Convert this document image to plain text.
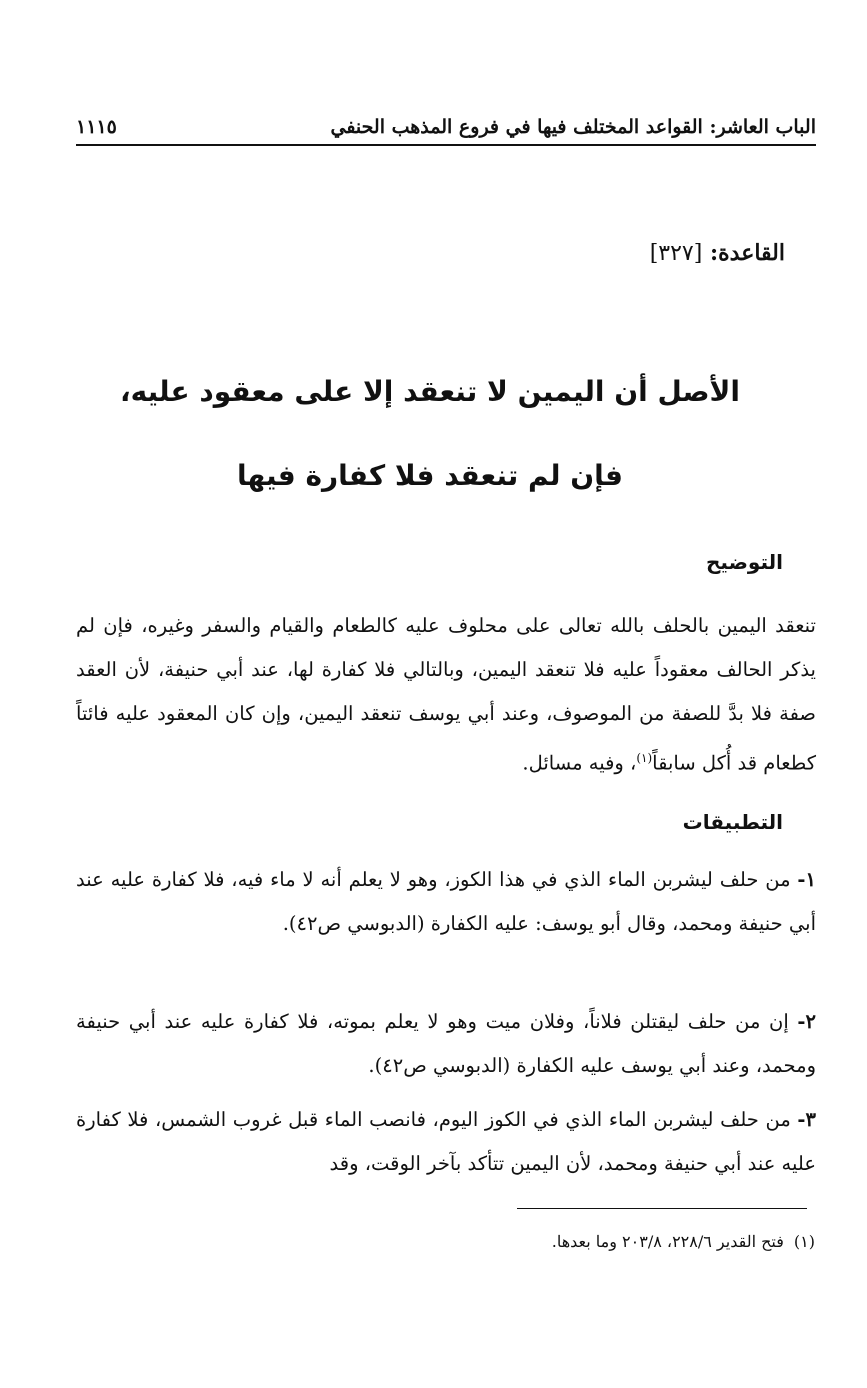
الباب العاشر: القواعد المختلف فيها في فروع المذهب الحنفي
١١١٥
القاعدة: [٣٢٧]
الأصل أن اليمين لا تنعقد إلا على معقود عليه،
فإن لم تنعقد فلا كفارة فيها
التوضيح
تنعقد اليمين بالحلف بالله تعالى على محلوف عليه كالطعام والقيام والسفر وغيره، فإن لم يذكر الحالف معقوداً عليه فلا تنعقد اليمين، وبالتالي فلا كفارة لها، عند أبي حنيفة، لأن العقد صفة فلا بدَّ للصفة من الموصوف، وعند أبي يوسف تنعقد اليمين، وإن كان المعقود عليه فائتاً كطعام قد أُكل سابقاً$^{(١)}$، وفيه مسائل.
التطبيقات

١- من حلف ليشربن الماء الذي في هذا الكوز، وهو لا يعلم أنه لا ماء فيه، فلا كفارة عليه عند أبي حنيفة ومحمد، وقال أبو يوسف: عليه الكفارة (الدبوسي ص٤٢).

٢- إن من حلف ليقتلن فلاناً، وفلان ميت وهو لا يعلم بموته، فلا كفارة عليه عند أبي حنيفة ومحمد، وعند أبي يوسف عليه الكفارة (الدبوسي ص٤٢).

٣- من حلف ليشربن الماء الذي في الكوز اليوم، فانصب الماء قبل غروب الشمس، فلا كفارة عليه عند أبي حنيفة ومحمد، لأن اليمين تتأكد بآخر الوقت، وقد

(١)فتح القدير ٢٢٨/٦، ٢٠٣/٨ وما بعدها.
